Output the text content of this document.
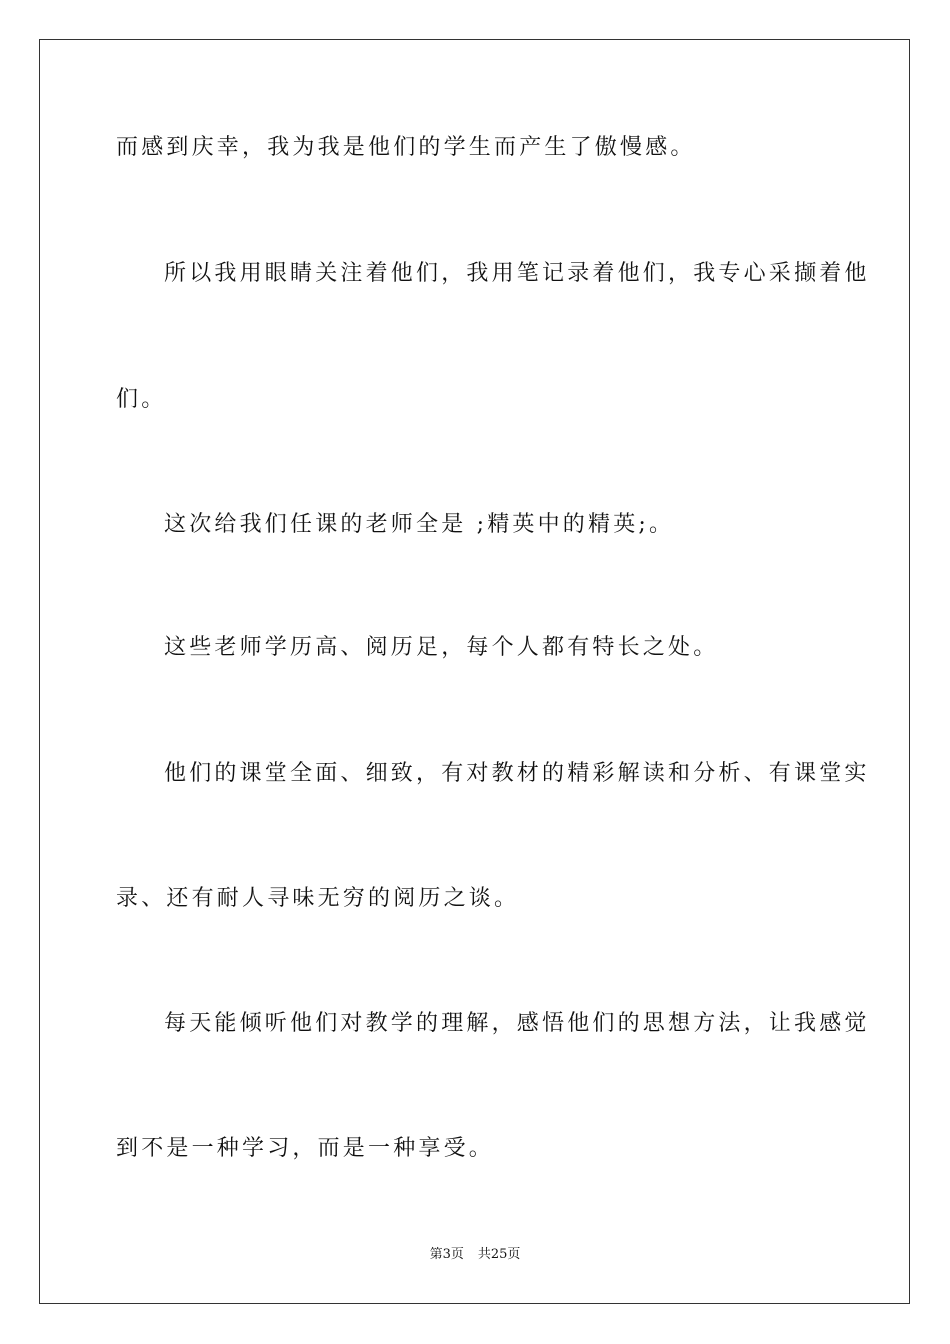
而感到庆幸，我为我是他们的学生而产生了傲慢感。
所以我用眼睛关注着他们，我用笔记录着他们，我专心采撷着他
们。
这次给我们任课的老师全是 ;精英中的精英;。
这些老师学历高、阅历足，每个人都有特长之处。
他们的课堂全面、细致，有对教材的精彩解读和分析、有课堂实
录、还有耐人寻味无穷的阅历之谈。
每天能倾听他们对教学的理解，感悟他们的思想方法，让我感觉
到不是一种学习，而是一种享受。
第3页 共25页
